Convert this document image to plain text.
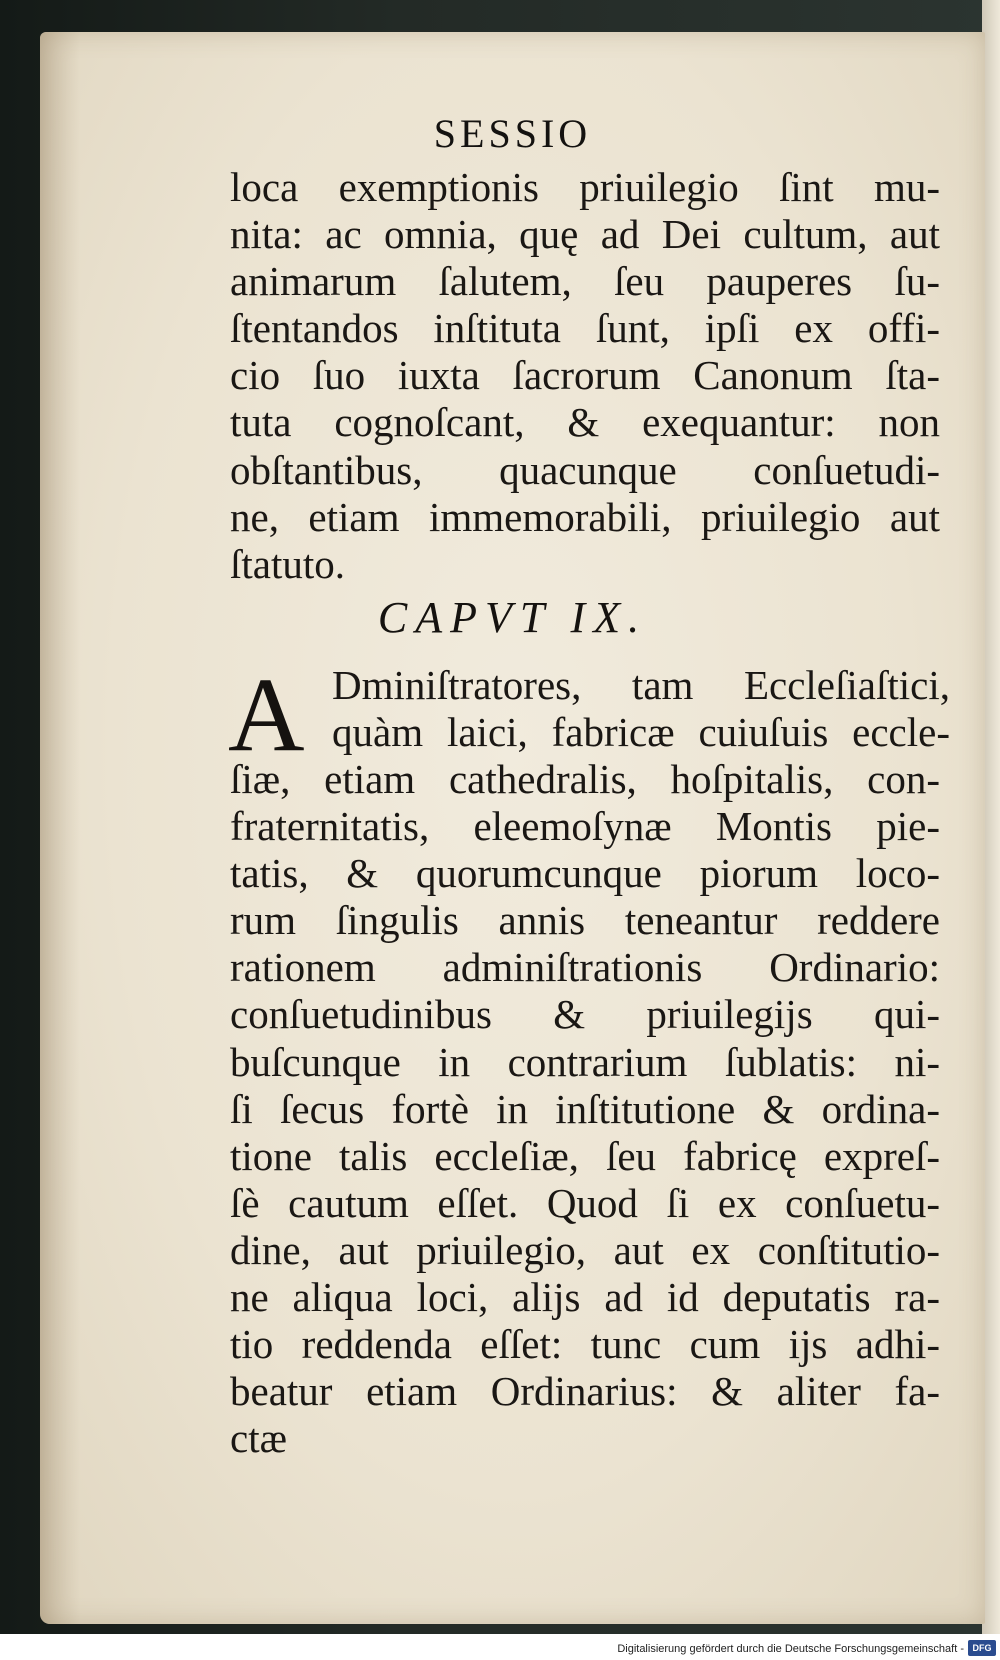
SESSIO
loca exemptionis priuilegio ſint mu-
nita: ac omnia, quę ad Dei cultum, aut
animarum ſalutem, ſeu pauperes ſu-
ſtentandos inſtituta ſunt, ipſi ex offi-
cio ſuo iuxta ſacrorum Canonum ſta-
tuta cognoſcant, & exequantur: non
obſtantibus, quacunque conſuetudi-
ne, etiam immemorabili, priuilegio aut
ſtatuto.
CAPVT IX.
A Dminiſtratores, tam Eccleſiaſtici,
quàm laici, fabricæ cuiuſuis eccle-
ſiæ, etiam cathedralis, hoſpitalis, con-
fraternitatis, eleemoſynæ Montis pie-
tatis, & quorumcunque piorum loco-
rum ſingulis annis teneantur reddere
rationem adminiſtrationis Ordinario:
conſuetudinibus & priuilegijs qui-
buſcunque in contrarium ſublatis: ni-
ſi ſecus fortè in inſtitutione & ordina-
tione talis eccleſiæ, ſeu fabricę expreſ-
ſè cautum eſſet. Quod ſi ex conſuetu-
dine, aut priuilegio, aut ex conſtitutio-
ne aliqua loci, alijs ad id deputatis ra-
tio reddenda eſſet: tunc cum ijs adhi-
beatur etiam Ordinarius: & aliter fa-
ctæ
Digitalisierung gefördert durch die Deutsche Forschungsgemeinschaft - DFG
